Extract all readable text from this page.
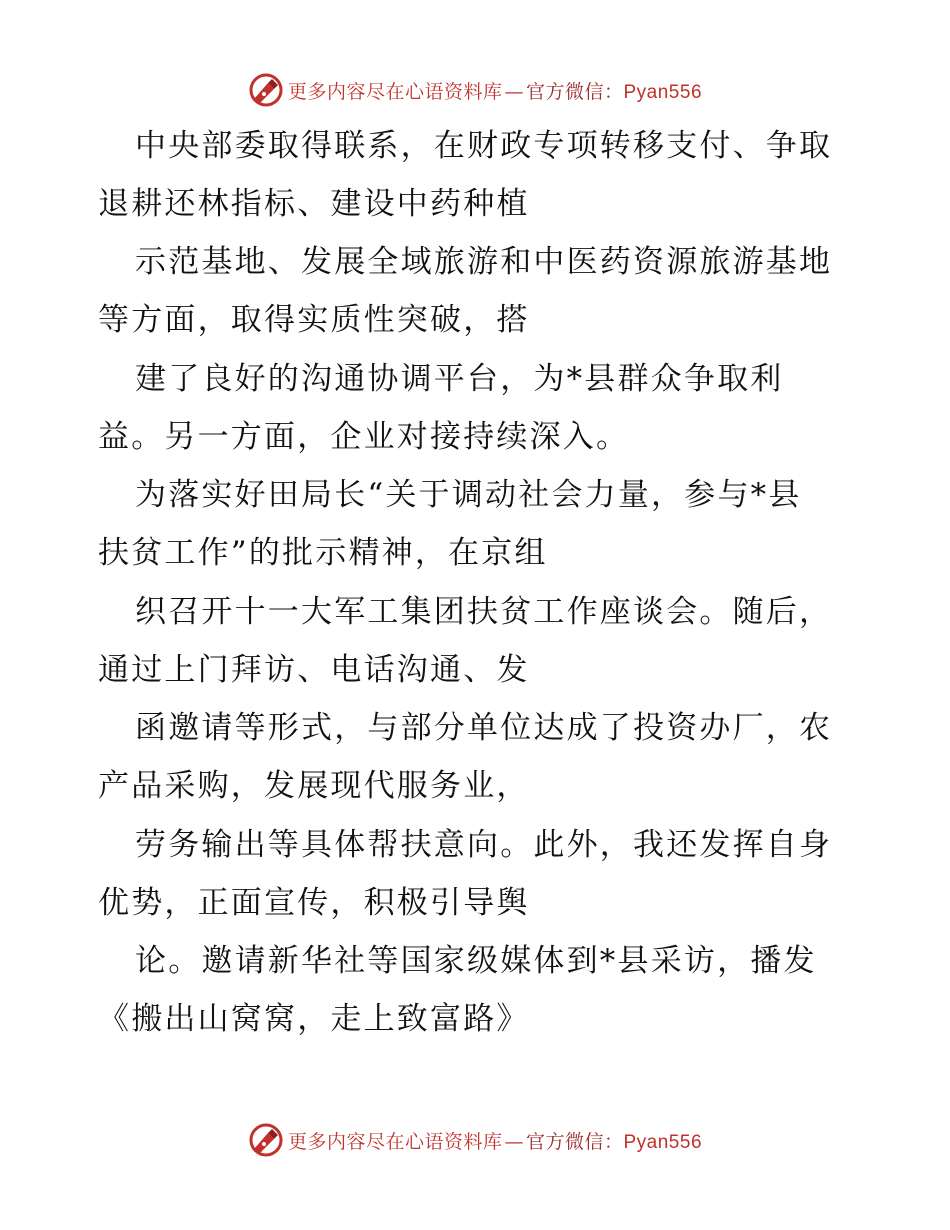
更多内容尽在心语资料库 — 官方微信：Pyan556
中央部委取得联系，在财政专项转移支付、争取
退耕还林指标、建设中药种植
示范基地、发展全域旅游和中医药资源旅游基地
等方面，取得实质性突破，搭
建了良好的沟通协调平台，为*县群众争取利
益。另一方面，企业对接持续深入。
为落实好田局长“关于调动社会力量，参与*县
扶贫工作”的批示精神，在京组
织召开十一大军工集团扶贫工作座谈会。随后，
通过上门拜访、电话沟通、发
函邀请等形式，与部分单位达成了投资办厂，农
产品采购，发展现代服务业，
劳务输出等具体帮扶意向。此外，我还发挥自身
优势，正面宣传，积极引导舆
论。邀请新华社等国家级媒体到*县采访，播发
《搬出山窝窝，走上致富路》
更多内容尽在心语资料库 — 官方微信：Pyan556
